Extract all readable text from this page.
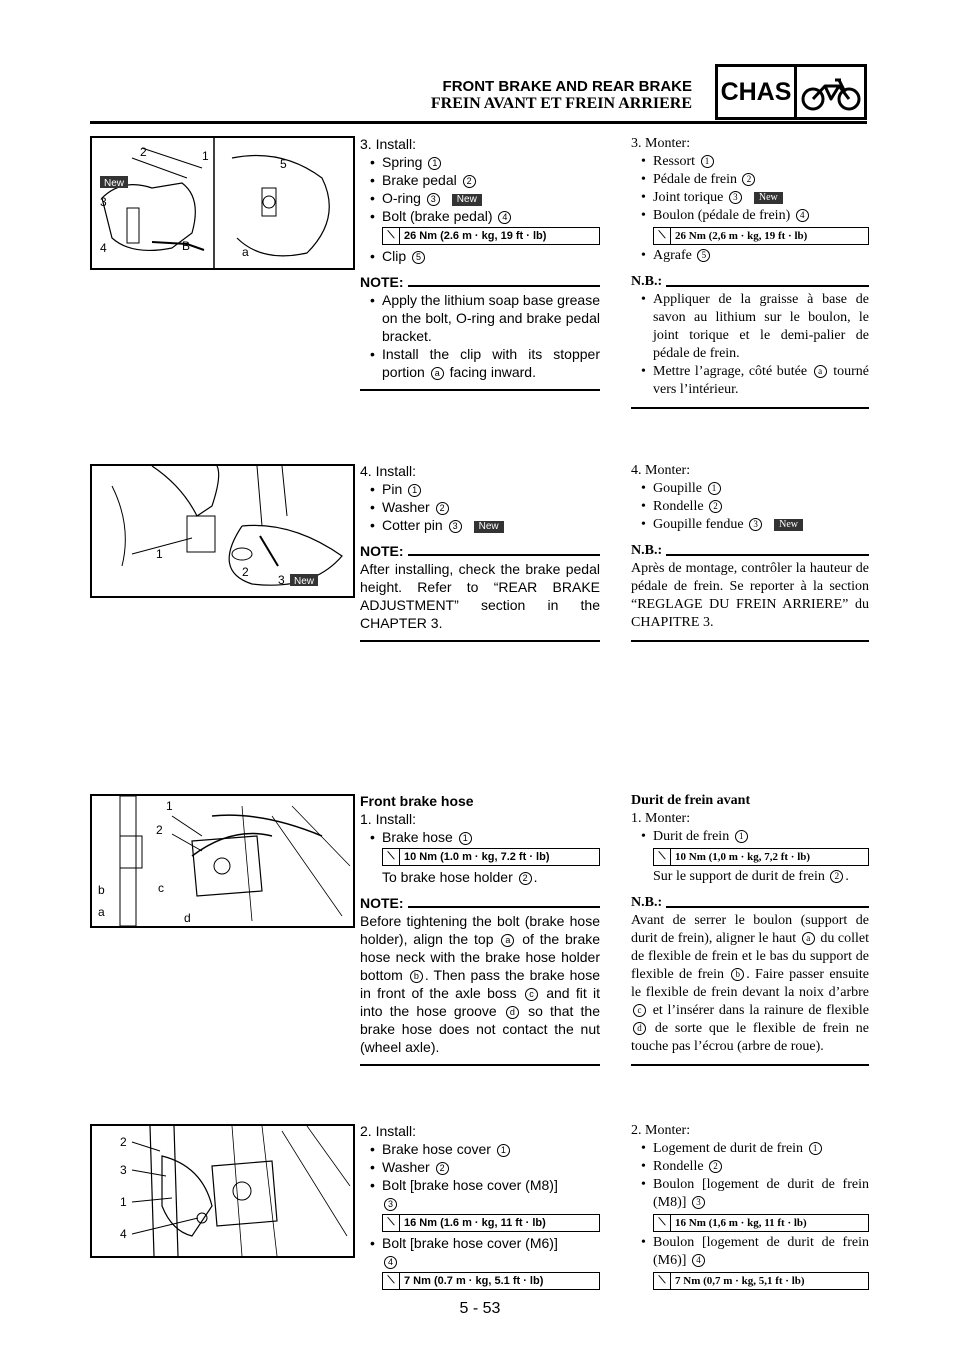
FRONT BRAKE AND REAR BRAKE
FREIN AVANT ET FREIN ARRIERE CHAS
New
2	1
3
4
5
a
B

3. Install:

• Spring 1

• Brake pedal 2

• O-ring 3 New

• Bolt (brake pedal) 4

⟍ 26 Nm (2.6 m · kg, 19 ft · lb)

• Clip 5

NOTE:

• Apply the lithium soap base grease on the bolt, O-ring and brake pedal bracket.

• Install the clip with its stopper portion a facing inward.

3. Monter:

• Ressort 1

• Pédale de frein 2

• Joint torique 3 New

• Boulon (pédale de frein) 4

⟍ 26 Nm (2,6 m · kg, 19 ft · lb)

• Agrafe 5

N.B.:

• Appliquer de la graisse à base de savon au lithium sur le boulon, le joint torique et le demi-palier de pédale de frein.

• Mettre l’agrage, côté butée a tourné vers l’intérieur.

New
1
2
3

4. Install:

• Pin 1

• Washer 2

• Cotter pin 3 New

NOTE:

After installing, check the brake pedal height. Refer to “REAR BRAKE ADJUSTMENT” section in the CHAPTER 3.

4. Monter:

• Goupille 1

• Rondelle 2

• Goupille fendue 3 New

N.B.:

Après de montage, contrôler la hauteur de pédale de frein. Se reporter à la section “REGLAGE DU FREIN ARRIERE” du CHAPITRE 3.

1
2
b
a
c
d

Front brake hose

1. Install:

• Brake hose 1

⟍ 10 Nm (1.0 m · kg, 7.2 ft · lb)

To brake hose holder 2 .

NOTE:

Before tightening the bolt (brake hose holder), align the top a of the brake hose neck with the brake hose holder bottom b . Then pass the brake hose in front of the axle boss c and fit it into the hose groove d so that the brake hose does not contact the nut (wheel axle).

Durit de frein avant

1. Monter:

• Durit de frein 1

⟍ 10 Nm (1,0 m · kg, 7,2 ft · lb)

Sur le support de durit de frein 2 .

N.B.:

Avant de serrer le boulon (support de durit de frein), aligner le haut a du collet de flexible de frein et le bas du support de flexible de frein b . Faire passer ensuite le flexible de frein devant la noix d’arbre c et l’insérer dans la rainure de flexible d de sorte que le flexible de frein ne touche pas l’écrou (arbre de roue).

2
3
1
4

2. Install:

• Brake hose cover 1

• Washer 2

• Bolt [brake hose cover (M8)]
3

⟍ 16 Nm (1.6 m · kg, 11 ft · lb)

• Bolt [brake hose cover (M6)]
4

⟍ 7 Nm (0.7 m · kg, 5.1 ft · lb)

2. Monter:

• Logement de durit de frein 1

• Rondelle 2

• Boulon [logement de durit de frein (M8)] 3

⟍ 16 Nm (1,6 m · kg, 11 ft · lb)

• Boulon [logement de durit de frein (M6)] 4

⟍ 7 Nm (0,7 m · kg, 5,1 ft · lb)
5 - 53
